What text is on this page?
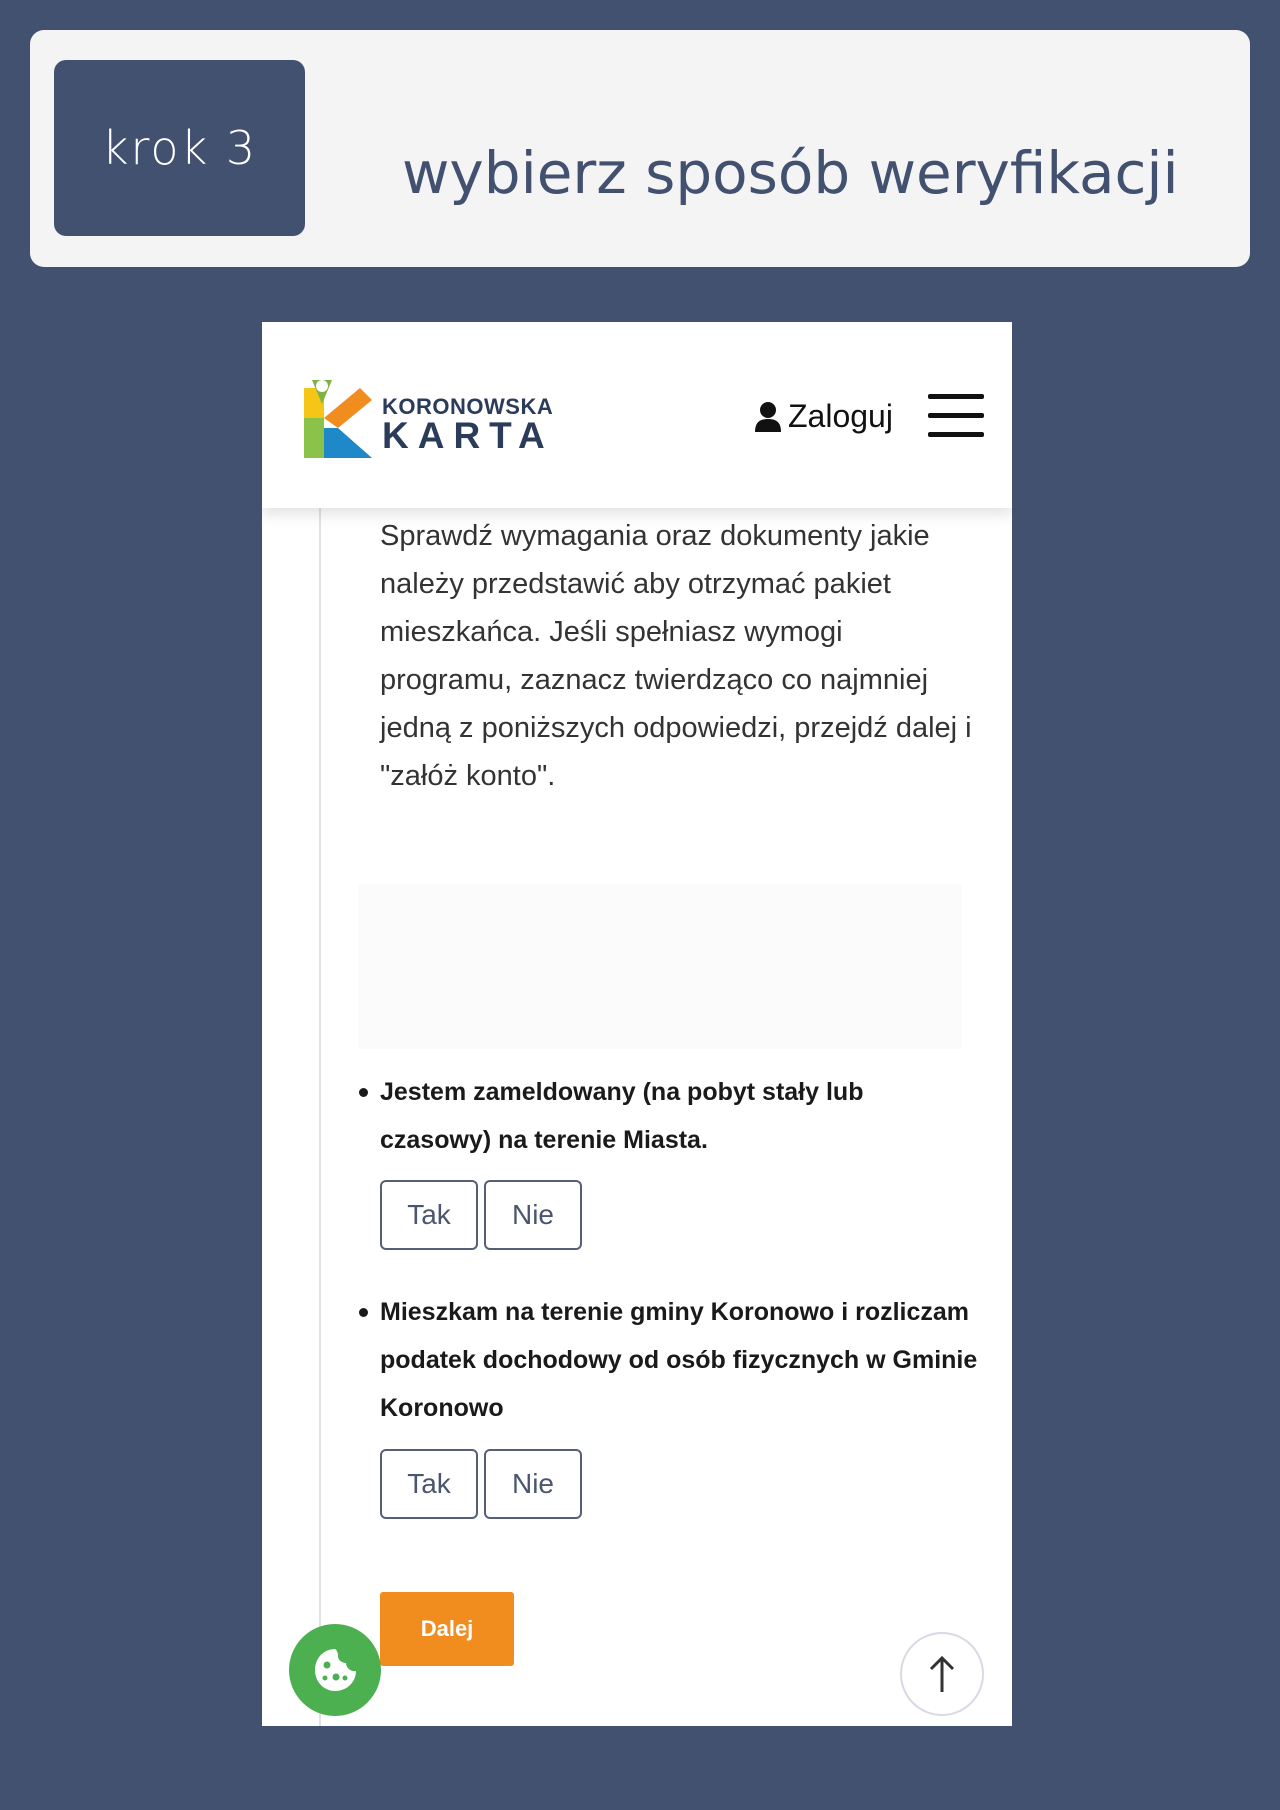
krok 3 wybierz sposób weryfikacji
KORONOWSKA
KARTA	Zaloguj

Sprawdź wymagania oraz dokumenty jakie należy przedstawić aby otrzymać pakiet mieszkańca. Jeśli spełniasz wymogi programu, zaznacz twierdząco co najmniej jedną z poniższych odpowiedzi, przejdź dalej i "załóż konto".

Jestem zameldowany (na pobyt stały lub czasowy) na terenie Miasta.
Tak	Nie
Mieszkam na terenie gminy Koronowo i rozliczam podatek dochodowy od osób fizycznych w Gminie Koronowo
Tak	Nie
Dalej
